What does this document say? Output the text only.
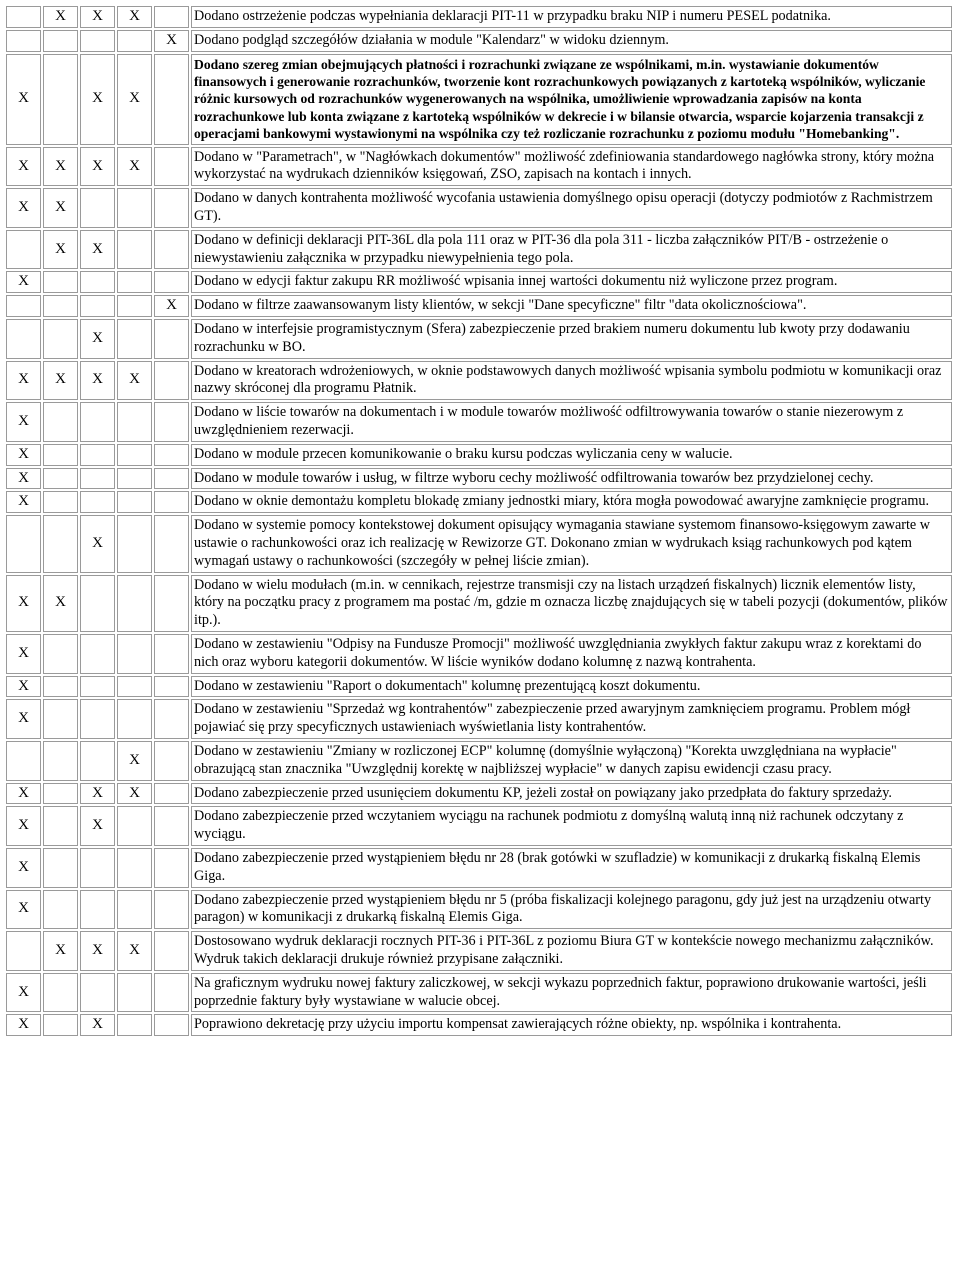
	X	X	X		Dodano ostrzeżenie podczas wypełniania deklaracji PIT-11 w przypadku braku NIP i numeru PESEL podatnika.
				X	Dodano podgląd szczegółów działania w module "Kalendarz" w widoku dziennym.
X		X	X		Dodano szereg zmian obejmujących płatności i rozrachunki związane ze wspólnikami, m.in. wystawianie dokumentów finansowych i generowanie rozrachunków, tworzenie kont rozrachunkowych powiązanych z kartoteką wspólników, wyliczanie różnic kursowych od rozrachunków wygenerowanych na wspólnika, umożliwienie wprowadzania zapisów na konta rozrachunkowe lub konta związane z kartoteką wspólników w dekrecie i w bilansie otwarcia, wsparcie kojarzenia transakcji z operacjami bankowymi wystawionymi na wspólnika czy też rozliczanie rozrachunku z poziomu modułu "Homebanking".
X	X	X	X		Dodano w "Parametrach", w "Nagłówkach dokumentów" możliwość zdefiniowania standardowego nagłówka strony, który można wykorzystać na wydrukach dzienników księgowań, ZSO, zapisach na kontach i innych.
X	X				Dodano w danych kontrahenta możliwość wycofania ustawienia domyślnego opisu operacji (dotyczy podmiotów z Rachmistrzem GT).
	X	X			Dodano w definicji deklaracji PIT-36L dla pola 111 oraz w PIT-36 dla pola 311 - liczba załączników PIT/B - ostrzeżenie o niewystawieniu załącznika w przypadku niewypełnienia tego pola.
X					Dodano w edycji faktur zakupu RR możliwość wpisania innej wartości dokumentu niż wyliczone przez program.
				X	Dodano w filtrze zaawansowanym listy klientów, w sekcji "Dane specyficzne" filtr "data okolicznościowa".
		X			Dodano w interfejsie programistycznym (Sfera) zabezpieczenie przed brakiem numeru dokumentu lub kwoty przy dodawaniu rozrachunku w BO.
X	X	X	X		Dodano w kreatorach wdrożeniowych, w oknie podstawowych danych możliwość wpisania symbolu podmiotu w komunikacji oraz nazwy skróconej dla programu Płatnik.
X					Dodano w liście towarów na dokumentach i w module towarów możliwość odfiltrowywania towarów o stanie niezerowym z uwzględnieniem rezerwacji.
X					Dodano w module przecen komunikowanie o braku kursu podczas wyliczania ceny w walucie.
X					Dodano w module towarów i usług, w filtrze wyboru cechy możliwość odfiltrowania towarów bez przydzielonej cechy.
X					Dodano w oknie demontażu kompletu blokadę zmiany jednostki miary, która mogła powodować awaryjne zamknięcie programu.
		X			Dodano w systemie pomocy kontekstowej dokument opisujący wymagania stawiane systemom finansowo-księgowym zawarte w ustawie o rachunkowości oraz ich realizację w Rewizorze GT. Dokonano zmian w wydrukach ksiąg rachunkowych pod kątem wymagań ustawy o rachunkowości (szczegóły w pełnej liście zmian).
X	X				Dodano w wielu modułach (m.in. w cennikach, rejestrze transmisji czy na listach urządzeń fiskalnych) licznik elementów listy, który na początku pracy z programem ma postać /m, gdzie m oznacza liczbę znajdujących się w tabeli pozycji (dokumentów, plików itp.).
X					Dodano w zestawieniu "Odpisy na Fundusze Promocji" możliwość uwzględniania zwykłych faktur zakupu wraz z korektami do nich oraz wyboru kategorii dokumentów. W liście wyników dodano kolumnę z nazwą kontrahenta.
X					Dodano w zestawieniu "Raport o dokumentach" kolumnę prezentującą koszt dokumentu.
X					Dodano w zestawieniu "Sprzedaż wg kontrahentów" zabezpieczenie przed awaryjnym zamknięciem programu. Problem mógł pojawiać się przy specyficznych ustawieniach wyświetlania listy kontrahentów.
			X		Dodano w zestawieniu "Zmiany w rozliczonej ECP" kolumnę (domyślnie wyłączoną) "Korekta uwzględniana na wypłacie" obrazującą stan znacznika "Uwzględnij korektę w najbliższej wypłacie" w danych zapisu ewidencji czasu pracy.
X		X	X		Dodano zabezpieczenie przed usunięciem dokumentu KP, jeżeli został on powiązany jako przedpłata do faktury sprzedaży.
X		X			Dodano zabezpieczenie przed wczytaniem wyciągu na rachunek podmiotu z domyślną walutą inną niż rachunek odczytany z wyciągu.
X					Dodano zabezpieczenie przed wystąpieniem błędu nr 28 (brak gotówki w szufladzie) w komunikacji z drukarką fiskalną Elemis Giga.
X					Dodano zabezpieczenie przed wystąpieniem błędu nr 5 (próba fiskalizacji kolejnego paragonu, gdy już jest na urządzeniu otwarty paragon) w komunikacji z drukarką fiskalną Elemis Giga.
	X	X	X		Dostosowano wydruk deklaracji rocznych PIT-36 i PIT-36L z poziomu Biura GT w kontekście nowego mechanizmu załączników. Wydruk takich deklaracji drukuje również przypisane załączniki.
X					Na graficznym wydruku nowej faktury zaliczkowej, w sekcji wykazu poprzednich faktur, poprawiono drukowanie wartości, jeśli poprzednie faktury były wystawiane w walucie obcej.
X		X			Poprawiono dekretację przy użyciu importu kompensat zawierających różne obiekty, np. wspólnika i kontrahenta.
